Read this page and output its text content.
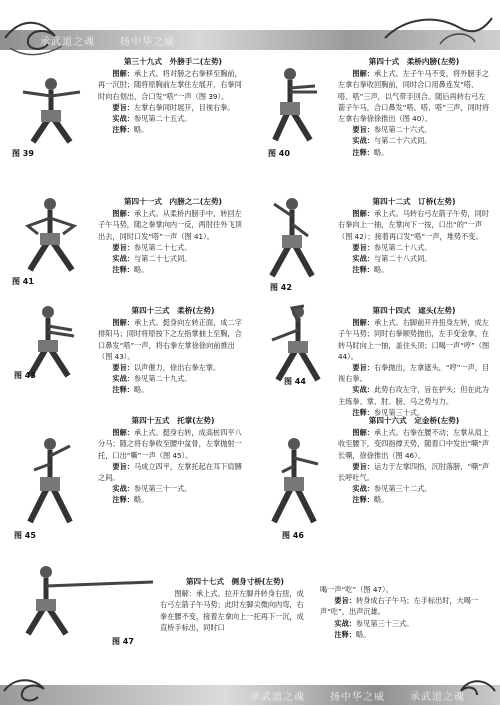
承武道之魂	扬中华之威
图 39	图 40
图 41
图 42
图 43
图 44
图 45	图 46
图 47
第三十九式　外膀手二(左势)

图解：承上式。将对膀之右拳移至胸前，再一沉肘；随将原胸前左掌往左展开，右拳同时向右划出，合口发“嗒”一声（图 39）。

要旨：左掌右拳同时展开，目视右拳。

实战：参见第二十五式。

注释：略。

第四十式　柔桥内膀(左势)

图解：承上式。左子午马不变，将外膀手之左拿右拳收回胸前，同时合口用鼻连发“嗒、嗒、嗒”三声，以气带手回合。随后再转右弓左箭子午马，合口鼻发“嗒、嗒、嗒”三声，同时将左拿右拳徐徐推出（图 40）。

要旨：参见第二十六式。

实战：与第二十六式同。

注释：略。

第四十一式　内膀之二(左势)

图解：承上式。从柔桥内膀手中，转回左子午马势，随之拳掌向内一反，两肘往外飞顶出去，同时口发“嗒”一声（图 41）。

要旨：参见第二十七式。

实战：与第二十七式同。

注释：略。

第四十二式　订桥(左势)

图解：承上式。马转右弓左箭子午势，同时右拳向上一抽，左掌向下一按，口出“的”一声（图 42）；接着再口发“嗒”一声，堆势不变。

要旨：参见第二十八式。

实战：与第二十八式同。

注释：略。

第四十三式　柔桥(左势)

图解：承上式。挺身向左转正面，成二字排阳马；同时将原按下之左指掌抽上至胸，合口鼻发“嗒”一声，将右拳左掌徐徐向前推出（图 43）。

要旨：以声催力，徐出右拳左掌。

实战：参见第二十九式。

注释：略。

第四十四式　遮头(左势)

图解：承上式。右脚前开并扭身左转，成左子午马势；同时右拳顺势抛出，左手变金拿，在转马时向上一抽，盖住头顶；口喝一声“哼”（图 44）。

要旨：右拳抛出，左拿遮头，“哼”一声，目视右拳。

实战：此势右攻左守，旨在护头；但在此为主练拳、掌、肘、膀、马之势与力。

注释：参见第三十式。

第四十五式　托掌(左势)

图解：承上式。挺身右转，成高桩四平八分马；随之将右拳收至腰中盆骨，左掌抛射一托，口出“嘶”一声（图 45）。

要旨：马成立四平，左掌托起在耳下肩膊之间。

实战：参见第三十一式。

注释：略。

第四十六式　定金桥(左势)

图解：承上式。右拳在腰不动；左掌从肩上收至腰下，变四指撑天势，随着口中发出“嘶”声长嘶，徐徐推出（图 46）。

要旨：运力于左掌四指，沉肘落膀，“嘶”声长呼吐气。

实战：参见第三十二式。

注释：略。

第四十七式　侧身寸桥(左势)

图解：承上式。拉开左脚并转身右扭，成右弓左箭子午马势；此时左脚尖微向内弯，右拳在腰不变，接着左拿向上一托再下一沉，成直桥手标出，同时口

喝一声“吃”（图 47）。

要旨：转身成右子午马；左手标出时，大喝一声“吃”，出声沉雄。

实战：参见第三十三式。

注释：略。

承武道之魂	扬中华之威	承武道之魂
